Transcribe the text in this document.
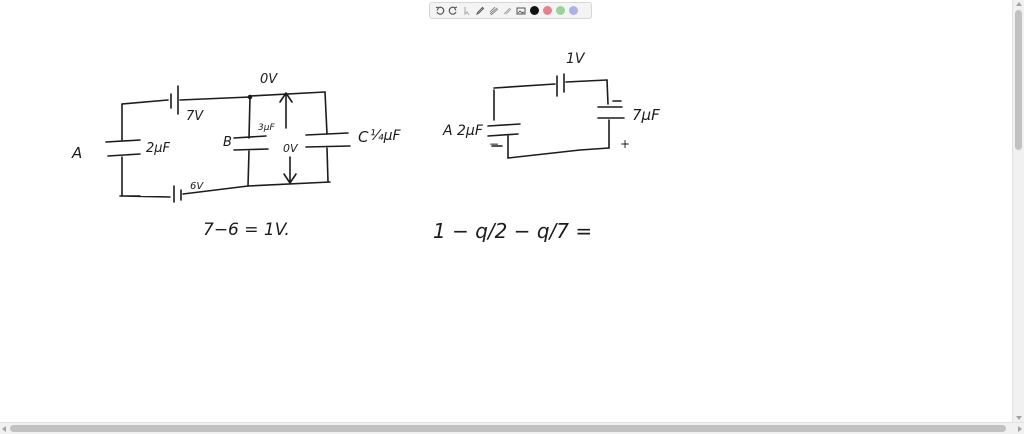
A
B	C
7V
6V
2μF
3μF	¼μF
0V
0V
7−6 = 1V.
1V
A 2μF
7μF
+
−
1 − q/2 − q/7 =
